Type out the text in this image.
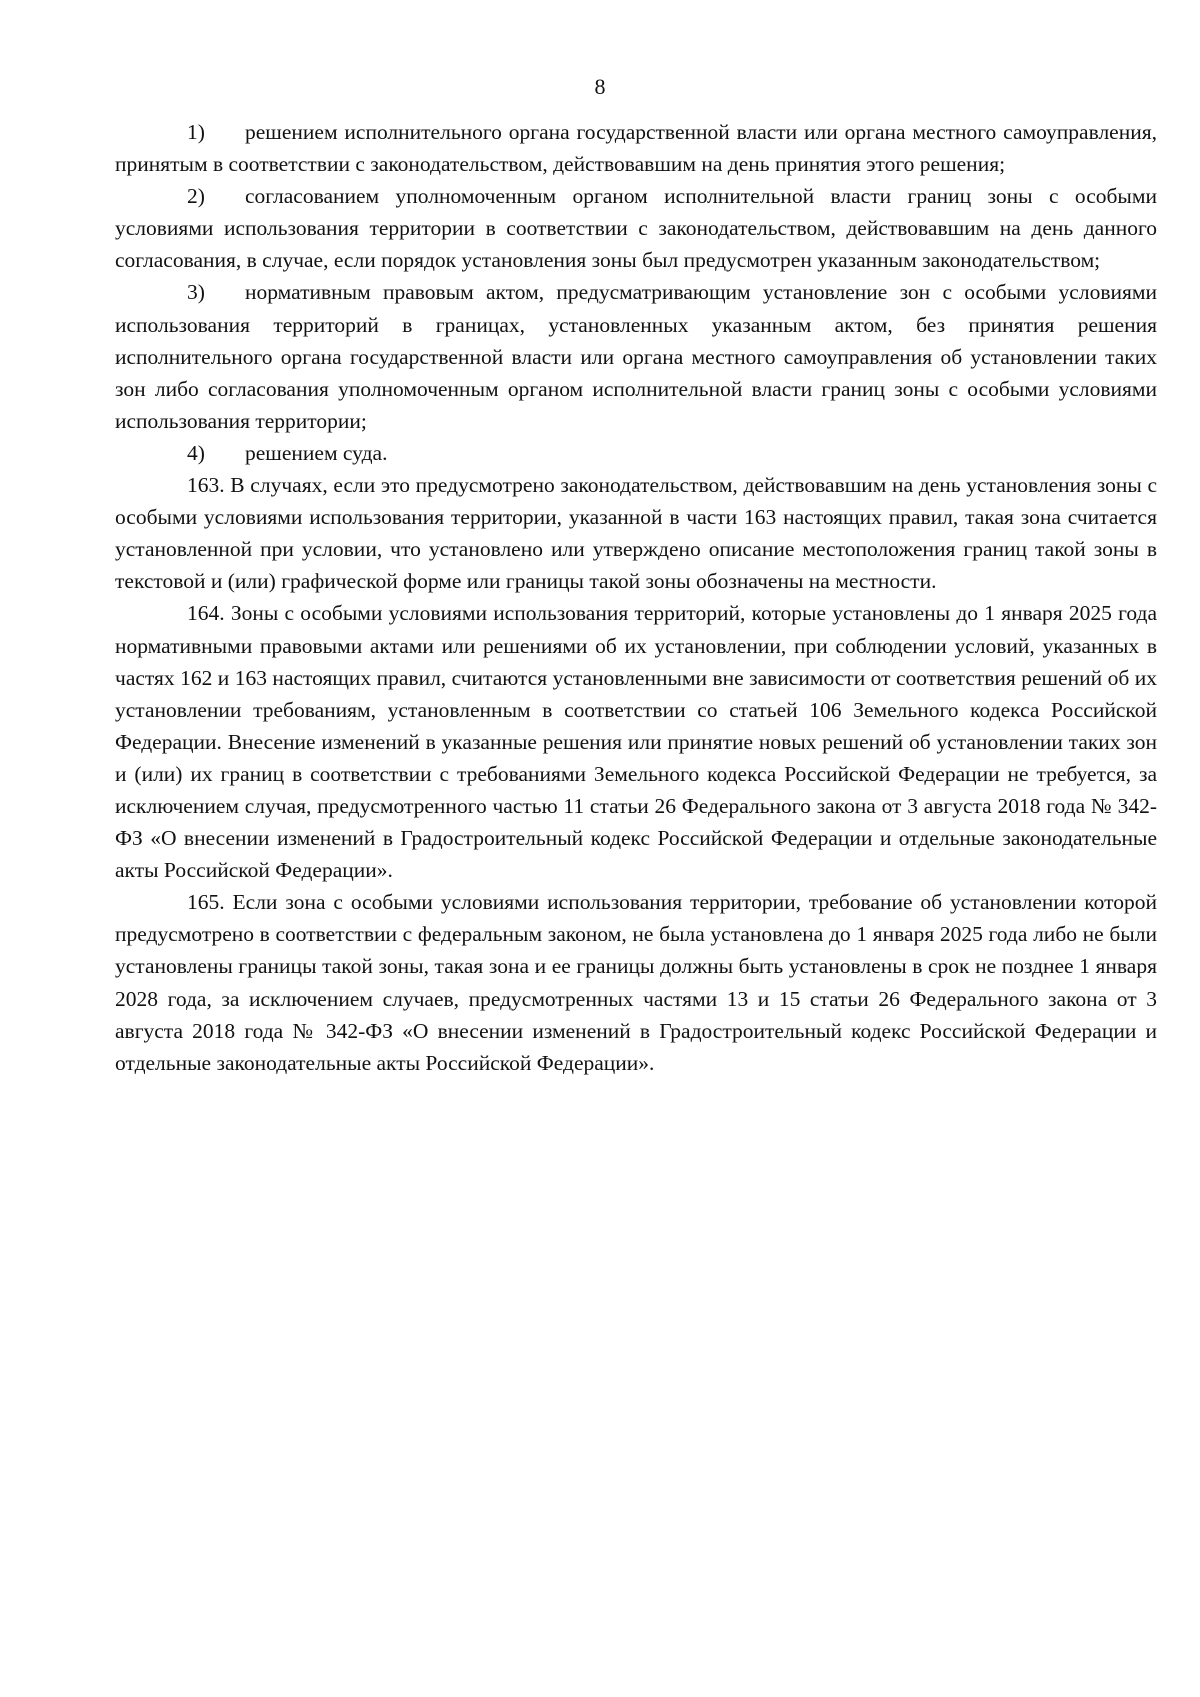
8

1) решением исполнительного органа государственной власти или органа местного самоуправления, принятым в соответствии с законодательством, действовавшим на день принятия этого решения;

2) согласованием уполномоченным органом исполнительной власти границ зоны с особыми условиями использования территории в соответствии с законодательством, действовавшим на день данного согласования, в случае, если порядок установления зоны был предусмотрен указанным законодательством;

3) нормативным правовым актом, предусматривающим установление зон с особыми условиями использования территорий в границах, установленных указанным актом, без принятия решения исполнительного органа государственной власти или органа местного самоуправления об установлении таких зон либо согласования уполномоченным органом исполнительной власти границ зоны с особыми условиями использования территории;

4) решением суда.

163. В случаях, если это предусмотрено законодательством, действовавшим на день установления зоны с особыми условиями использования территории, указанной в части 163 настоящих правил, такая зона считается установленной при условии, что установлено или утверждено описание местоположения границ такой зоны в текстовой и (или) графической форме или границы такой зоны обозначены на местности.

164. Зоны с особыми условиями использования территорий, которые установлены до 1 января 2025 года нормативными правовыми актами или решениями об их установлении, при соблюдении условий, указанных в частях 162 и 163 настоящих правил, считаются установленными вне зависимости от соответствия решений об их установлении требованиям, установленным в соответствии со статьей 106 Земельного кодекса Российской Федерации. Внесение изменений в указанные решения или принятие новых решений об установлении таких зон и (или) их границ в соответствии с требованиями Земельного кодекса Российской Федерации не требуется, за исключением случая, предусмотренного частью 11 статьи 26 Федерального закона от 3 августа 2018 года № 342-ФЗ «О внесении изменений в Градостроительный кодекс Российской Федерации и отдельные законодательные акты Российской Федерации».

165. Если зона с особыми условиями использования территории, требование об установлении которой предусмотрено в соответствии с федеральным законом, не была установлена до 1 января 2025 года либо не были установлены границы такой зоны, такая зона и ее границы должны быть установлены в срок не позднее 1 января 2028 года, за исключением случаев, предусмотренных частями 13 и 15 статьи 26 Федерального закона от 3 августа 2018 года № 342-ФЗ «О внесении изменений в Градостроительный кодекс Российской Федерации и отдельные законодательные акты Российской Федерации».
